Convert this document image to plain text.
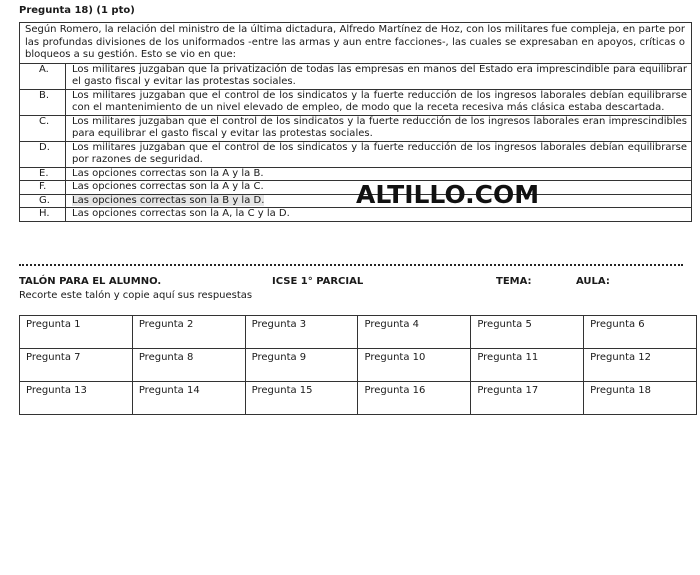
Pregunta 18) (1 pto)
Según Romero, la relación del ministro de la última dictadura, Alfredo Martínez de Hoz, con los militares fue compleja, en parte por las profundas divisiones de los uniformados -entre las armas y aun entre facciones-, las cuales se expresaban en apoyos, críticas o bloqueos a su gestión. Esto se vio en que:
A.	Los militares juzgaban que la privatización de todas las empresas en manos del Estado era imprescindible para equilibrar el gasto fiscal y evitar las protestas sociales.
B.	Los militares juzgaban que el control de los sindicatos y la fuerte reducción de los ingresos laborales debían equilibrarse con el mantenimiento de un nivel elevado de empleo, de modo que la receta recesiva más clásica estaba descartada.
C.	Los militares juzgaban que el control de los sindicatos y la fuerte reducción de los ingresos laborales eran imprescindibles para equilibrar el gasto fiscal y evitar las protestas sociales.
D.	Los militares juzgaban que el control de los sindicatos y la fuerte reducción de los ingresos laborales debían equilibrarse por razones de seguridad.
E.	Las opciones correctas son la A y la B.
F.	Las opciones correctas son la A y la C.
G.	Las opciones correctas son la B y la D.
H.	Las opciones correctas son la A, la C y la D.
ALTILLO.COM
TALÓN PARA EL ALUMNO.	ICSE 1° PARCIAL	TEMA:	AULA:
Recorte este talón y copie aquí sus respuestas
Pregunta 1	Pregunta 2	Pregunta 3	Pregunta 4	Pregunta 5	Pregunta 6
Pregunta 7	Pregunta 8	Pregunta 9	Pregunta 10	Pregunta 11	Pregunta 12
Pregunta 13	Pregunta 14	Pregunta 15	Pregunta 16	Pregunta 17	Pregunta 18
